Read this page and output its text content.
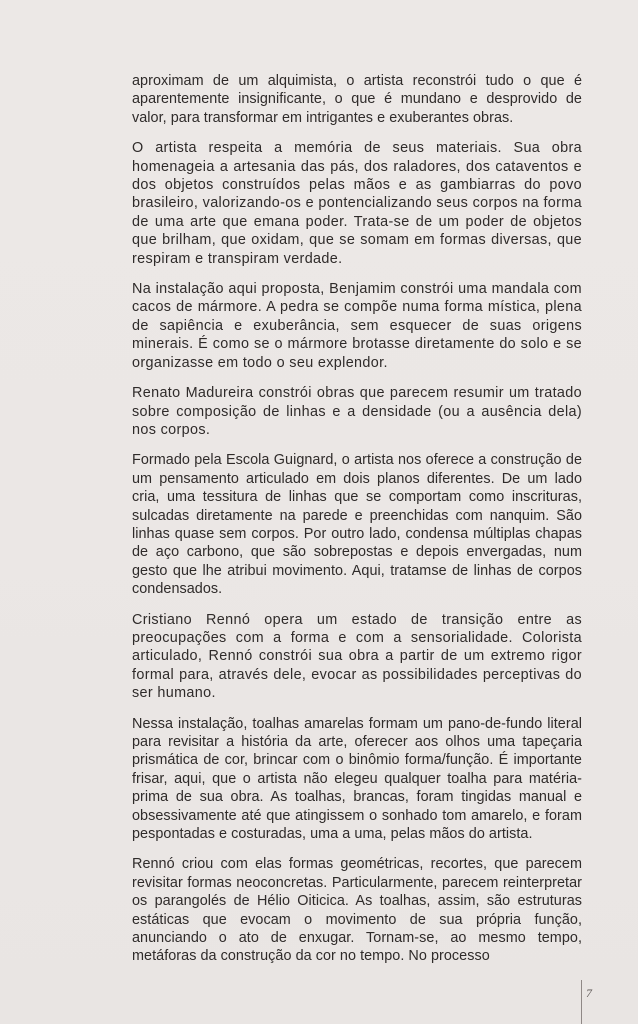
aproximam de um alquimista, o artista reconstrói tudo o que é aparentemente insignificante, o que é mundano e desprovido de valor, para transformar em intrigantes e exuberantes obras.

O artista respeita a memória de seus materiais. Sua obra homenageia a artesania das pás, dos raladores, dos cataventos e dos objetos construídos pelas mãos e as gambiarras do povo brasileiro, valorizando-os e pontencializando seus corpos na forma de uma arte que emana poder. Trata-se de um poder de objetos que brilham, que oxidam, que se somam em formas diversas, que respiram e transpiram verdade.

Na instalação aqui proposta, Benjamim constrói uma mandala com cacos de mármore. A pedra se compõe numa forma mística, plena de sapiência e exuberância, sem esquecer de suas origens minerais. É como se o mármore brotasse diretamente do solo e se organizasse em todo o seu explendor.

Renato Madureira constrói obras que parecem resumir um tratado sobre composição de linhas e a densidade (ou a ausência dela) nos corpos.

Formado pela Escola Guignard, o artista nos oferece a construção de um pensamento articulado em dois planos diferentes. De um lado cria, uma tessitura de linhas que se comportam como inscrituras, sulcadas diretamente na parede e preenchidas com nanquim. São linhas quase sem corpos. Por outro lado, condensa múltiplas chapas de aço carbono, que são sobrepostas e depois envergadas, num gesto que lhe atribui movimento. Aqui, tratamse de linhas de corpos condensados.

Cristiano Rennó opera um estado de transição entre as preocupações com a forma e com a sensorialidade. Colorista articulado, Rennó constrói sua obra a partir de um extremo rigor formal para, através dele, evocar as possibilidades perceptivas do ser humano.

Nessa instalação, toalhas amarelas formam um pano-de-fundo literal para revisitar a história da arte, oferecer aos olhos uma tapeçaria prismática de cor, brincar com o binômio forma/função. É importante frisar, aqui, que o artista não elegeu qualquer toalha para matéria-prima de sua obra. As toalhas, brancas, foram tingidas manual e obsessivamente até que atingissem o sonhado tom amarelo, e foram pespontadas e costuradas, uma a uma, pelas mãos do artista.

Rennó criou com elas formas geométricas, recortes, que parecem revisitar formas neoconcretas. Particularmente, parecem reinterpretar os parangolés de Hélio Oiticica. As toalhas, assim, são estruturas estáticas que evocam o movimento de sua própria função, anunciando o ato de enxugar. Tornam-se, ao mesmo tempo, metáforas da construção da cor no tempo. No processo

7
